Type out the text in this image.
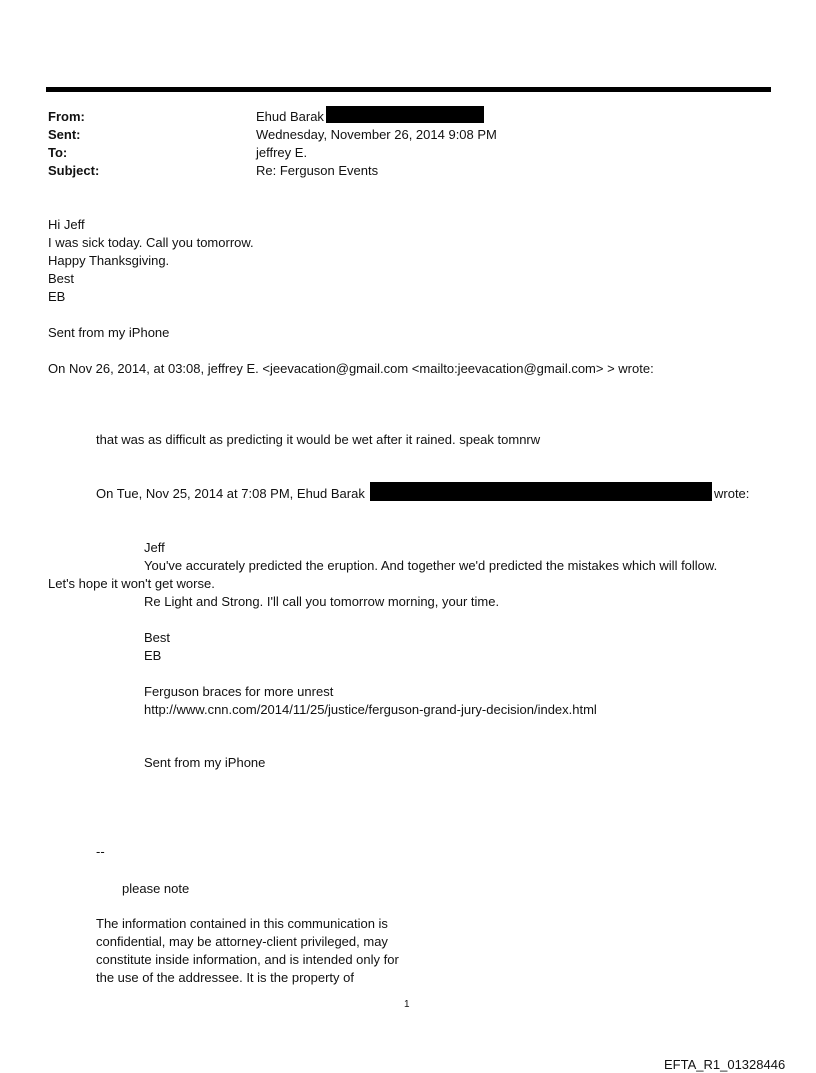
From:	Ehud Barak
Sent:	Wednesday, November 26, 2014 9:08 PM
To:	jeffrey E.
Subject:	Re: Ferguson Events
Hi Jeff
I was sick today. Call you tomorrow.
Happy Thanksgiving.
Best
EB
Sent from my iPhone
On Nov 26, 2014, at 03:08, jeffrey E. <jeevacation@gmail.com <mailto:jeevacation@gmail.com> > wrote:
that was as difficult as predicting it would be wet after it rained. speak tomnrw
On Tue, Nov 25, 2014 at 7:08 PM, Ehud Barak	wrote:
Jeff
You've accurately predicted the eruption. And together we'd predicted the mistakes which will follow.
Let's hope it won't get worse.
Re Light and Strong. I'll call you tomorrow morning, your time.
Best
EB
Ferguson braces for more unrest
http://www.cnn.com/2014/11/25/justice/ferguson-grand-jury-decision/index.html
Sent from my iPhone
--
please note
The information contained in this communication is
confidential, may be attorney-client privileged, may
constitute inside information, and is intended only for
the use of the addressee. It is the property of
1
EFTA_R1_01328446
